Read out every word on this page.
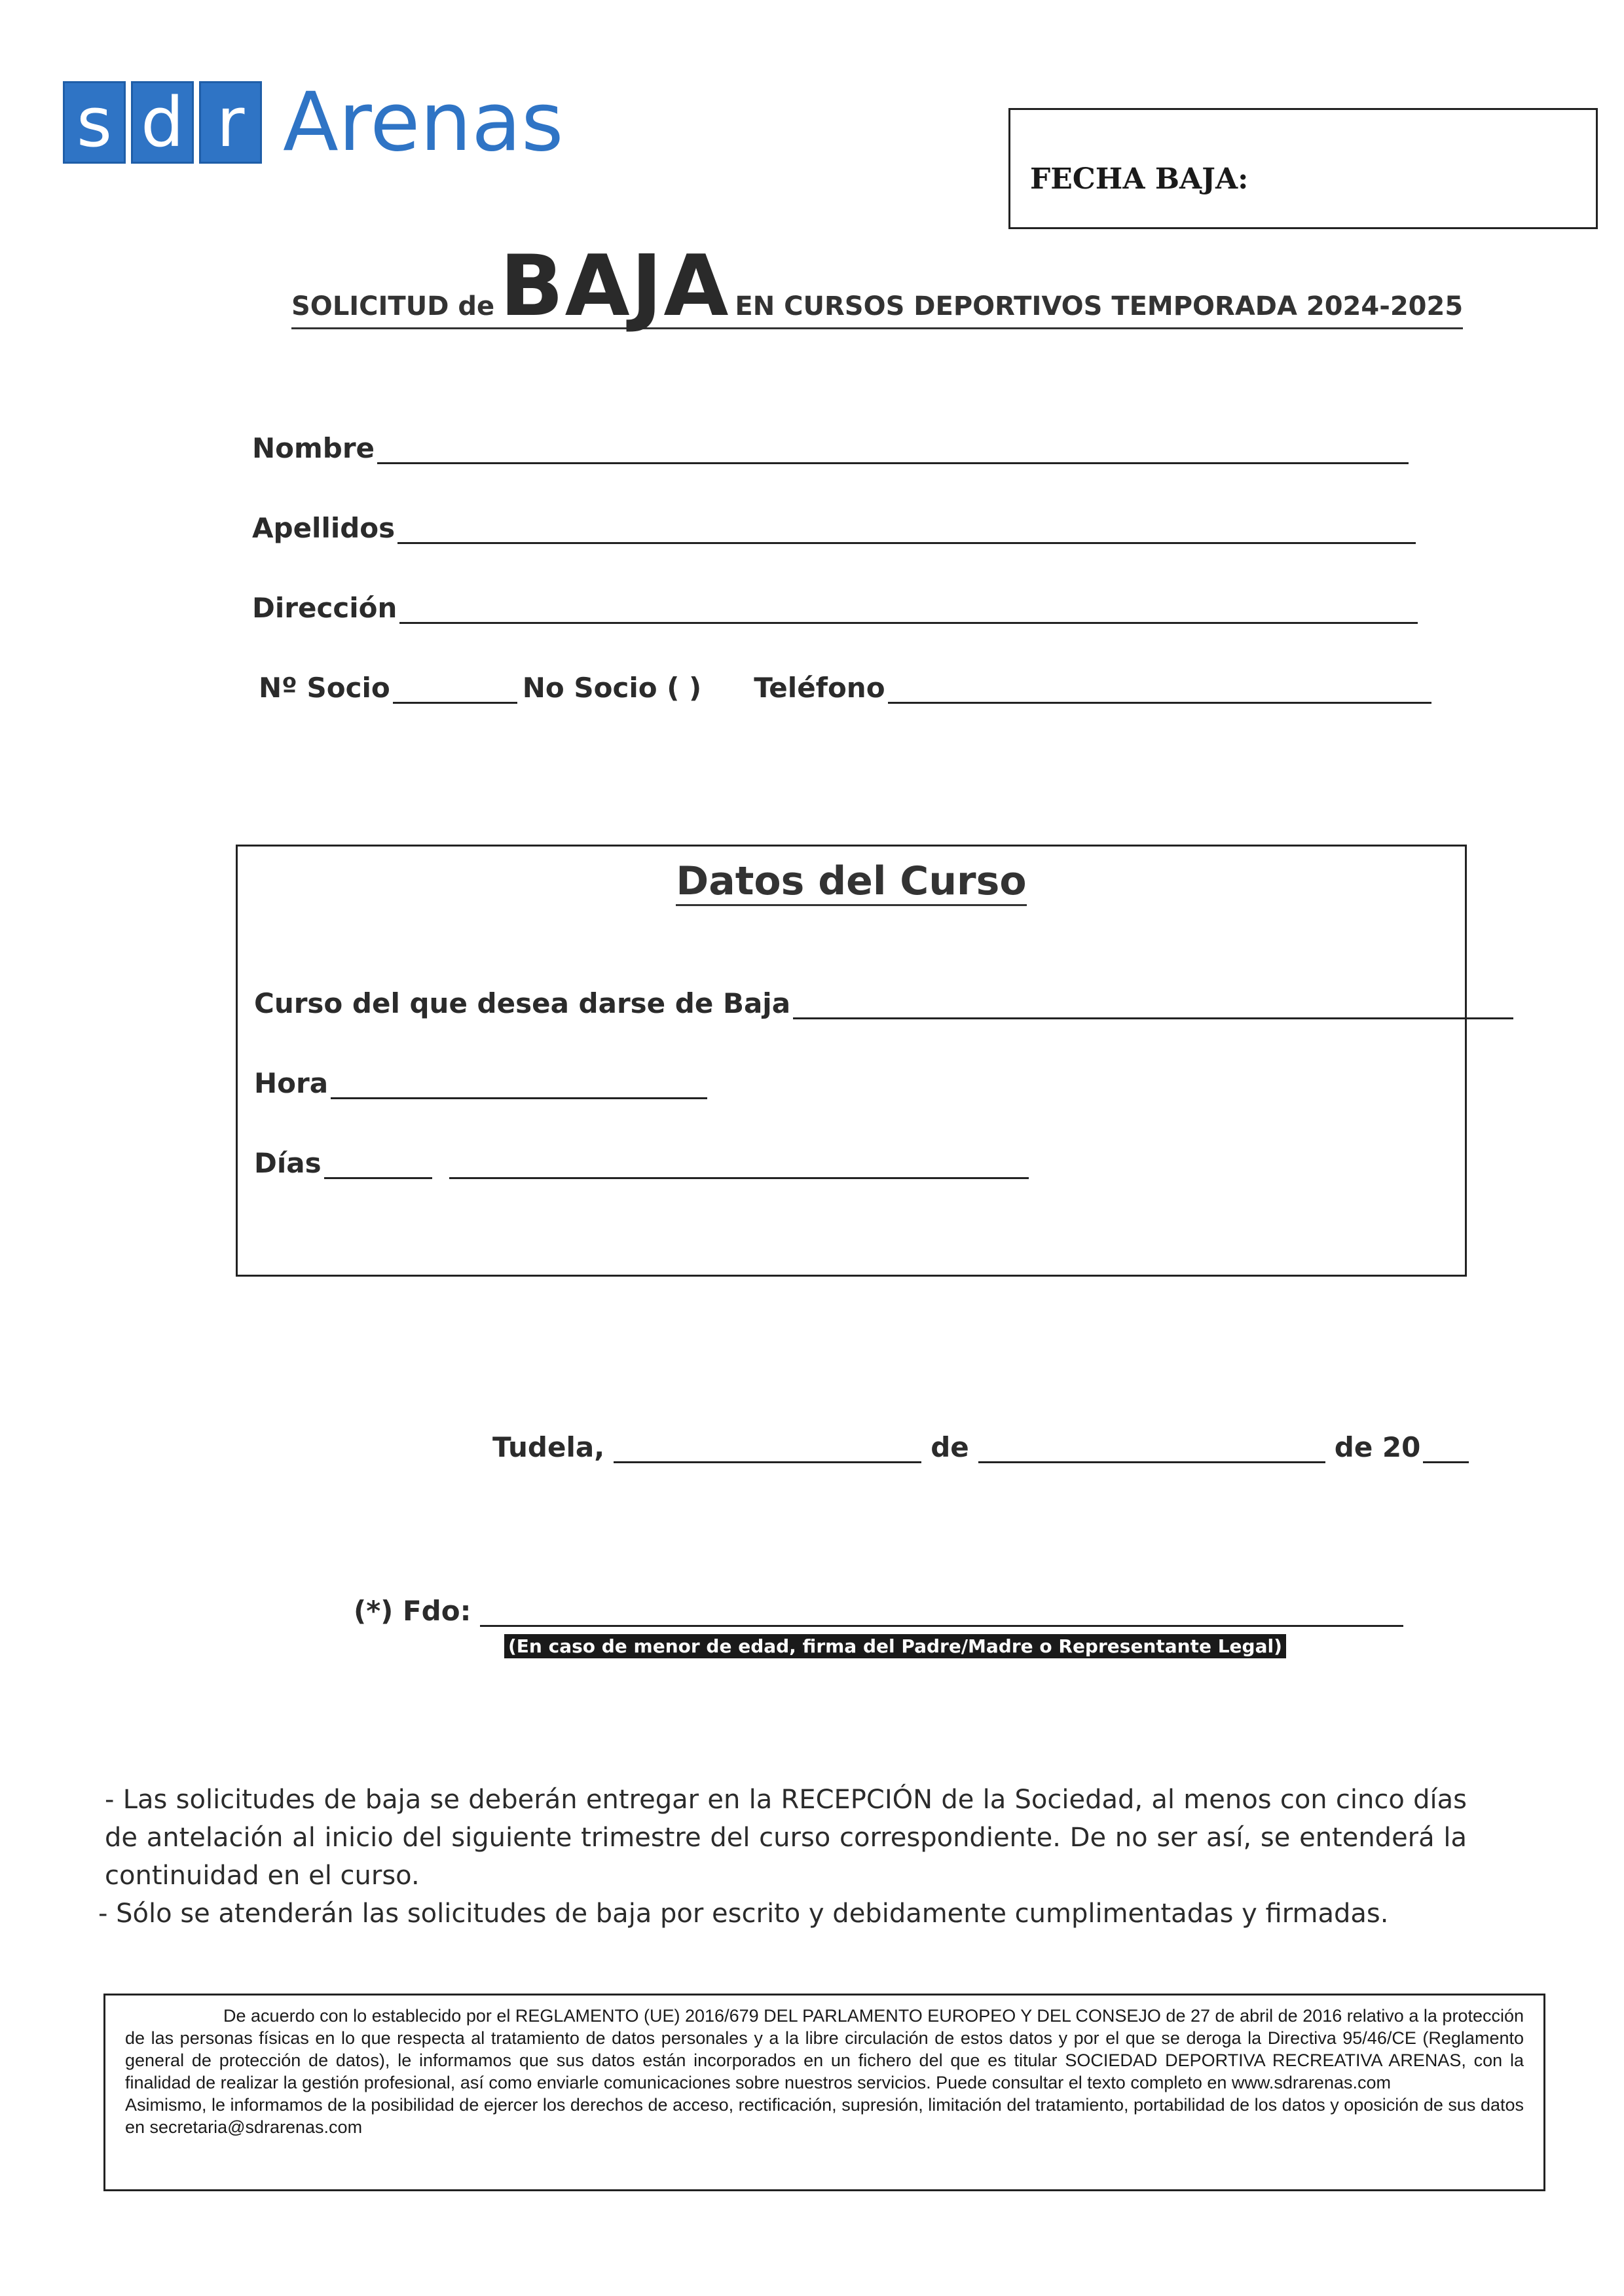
s d r Arenas
FECHA BAJA:
SOLICITUD de BAJA EN CURSOS DEPORTIVOS TEMPORADA 2024-2025
Nombre
Apellidos
Dirección
Nº Socio	No Socio ( ) Teléfono
Datos del Curso
Curso del que desea darse de Baja
Hora
Días
Tudela,	de	de 20
(*) Fdo:
(En caso de menor de edad, firma del Padre/Madre o Representante Legal)

- Las solicitudes de baja se deberán entregar en la RECEPCIÓN de la Sociedad, al menos con cinco días de antelación al inicio del siguiente trimestre del curso correspondiente. De no ser así, se entenderá la continuidad en el curso.

- Sólo se atenderán las solicitudes de baja por escrito y debidamente cumplimentadas y firmadas.

De acuerdo con lo establecido por el REGLAMENTO (UE) 2016/679 DEL PARLAMENTO EUROPEO Y DEL CONSEJO de 27 de abril de 2016 relativo a la protección de las personas físicas en lo que respecta al tratamiento de datos personales y a la libre circulación de estos datos y por el que se deroga la Directiva 95/46/CE (Reglamento general de protección de datos), le informamos que sus datos están incorporados en un fichero del que es titular SOCIEDAD DEPORTIVA RECREATIVA ARENAS, con la finalidad de realizar la gestión profesional, así como enviarle comunicaciones sobre nuestros servicios. Puede consultar el texto completo en www.sdrarenas.com

Asimismo, le informamos de la posibilidad de ejercer los derechos de acceso, rectificación, supresión, limitación del tratamiento, portabilidad de los datos y oposición de sus datos en secretaria@sdrarenas.com
